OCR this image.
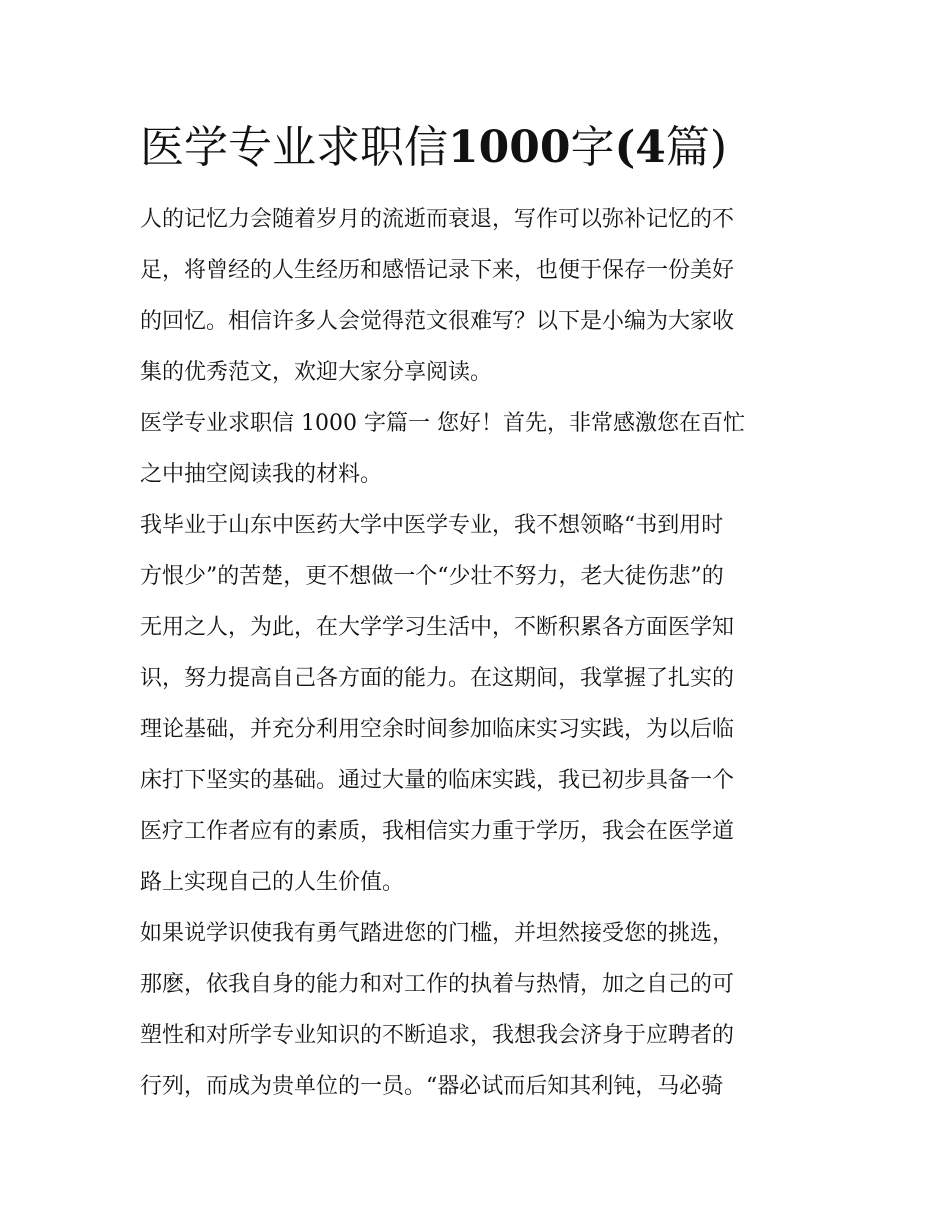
医学专业求职信1000字(4篇)

人的记忆力会随着岁月的流逝而衰退，写作可以弥补记忆的不
足，将曾经的人生经历和感悟记录下来，也便于保存一份美好
的回忆。相信许多人会觉得范文很难写？以下是小编为大家收
集的优秀范文，欢迎大家分享阅读。

医学专业求职信 1000 字篇一 您好！首先，非常感激您在百忙
之中抽空阅读我的材料。

我毕业于山东中医药大学中医学专业，我不想领略“书到用时
方恨少”的苦楚，更不想做一个“少壮不努力，老大徒伤悲”的
无用之人，为此，在大学学习生活中，不断积累各方面医学知
识，努力提高自己各方面的能力。在这期间，我掌握了扎实的
理论基础，并充分利用空余时间参加临床实习实践，为以后临
床打下坚实的基础。通过大量的临床实践，我已初步具备一个
医疗工作者应有的素质，我相信实力重于学历，我会在医学道
路上实现自己的人生价值。

如果说学识使我有勇气踏进您的门槛，并坦然接受您的挑选，
那麽，依我自身的能力和对工作的执着与热情，加之自己的可
塑性和对所学专业知识的不断追求，我想我会济身于应聘者的
行列，而成为贵单位的一员。“器必试而后知其利钝，马必骑
